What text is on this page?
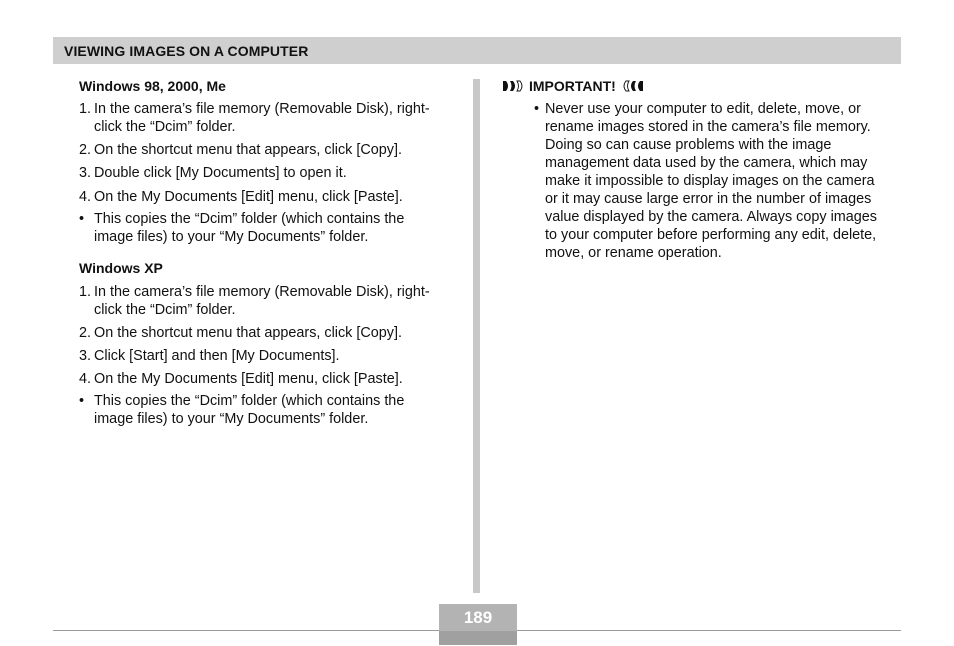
VIEWING IMAGES ON A COMPUTER

Windows 98, 2000, Me

1. In the camera’s file memory (Removable Disk), right-
click the “Dcim” folder.
2. On the shortcut menu that appears, click [Copy].
3. Double click [My Documents] to open it.
4. On the My Documents [Edit] menu, click [Paste].
• This copies the “Dcim” folder (which contains the
image files) to your “My Documents” folder.

Windows XP

1. In the camera’s file memory (Removable Disk), right-
click the “Dcim” folder.
2. On the shortcut menu that appears, click [Copy].
3. Click [Start] and then [My Documents].
4. On the My Documents [Edit] menu, click [Paste].
• This copies the “Dcim” folder (which contains the
image files) to your “My Documents” folder.
IMPORTANT!
• Never use your computer to edit, delete, move, or
rename images stored in the camera’s file memory.
Doing so can cause problems with the image
management data used by the camera, which may
make it impossible to display images on the camera
or it may cause large error in the number of images
value displayed by the camera. Always copy images
to your computer before performing any edit, delete,
move, or rename operation.
189
